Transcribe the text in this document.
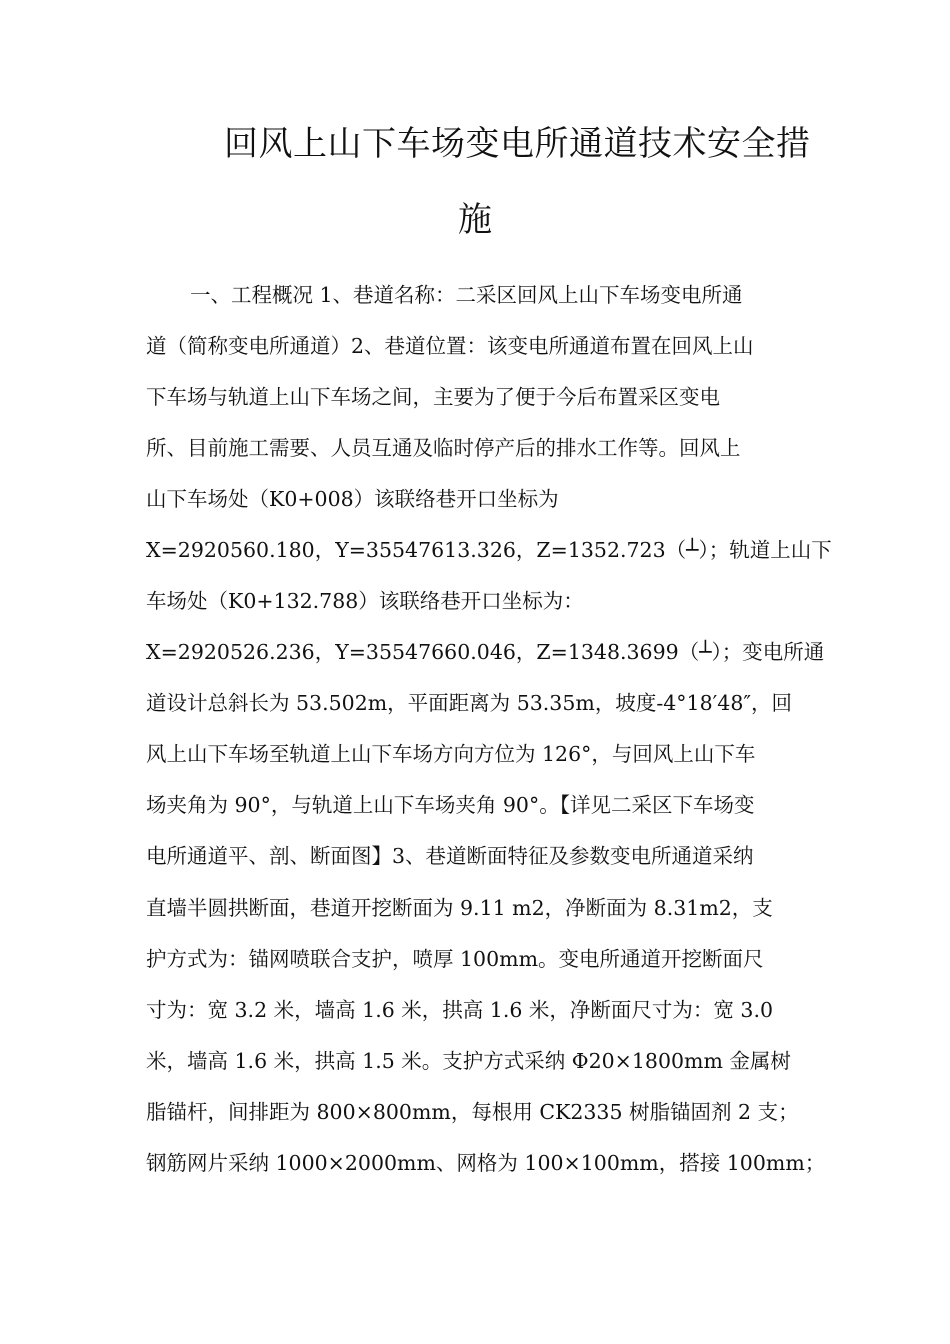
回风上山下车场变电所通道技术安全措
施
一、工程概况 1、巷道名称：二采区回风上山下车场变电所通
道（简称变电所通道）2、巷道位置：该变电所通道布置在回风上山
下车场与轨道上山下车场之间，主要为了便于今后布置采区变电
所、目前施工需要、人员互通及临时停产后的排水工作等。回风上
山下车场处（K0+008）该联络巷开口坐标为
X=2920560.180，Y=35547613.326，Z=1352.723（┴）；轨道上山下
车场处（K0+132.788）该联络巷开口坐标为：
X=2920526.236，Y=35547660.046，Z=1348.3699（┴）；变电所通
道设计总斜长为 53.502m，平面距离为 53.35m，坡度-4°18′48″，回
风上山下车场至轨道上山下车场方向方位为 126°，与回风上山下车
场夹角为 90°，与轨道上山下车场夹角 90°。【详见二采区下车场变
电所通道平、剖、断面图】3、巷道断面特征及参数变电所通道采纳
直墙半圆拱断面，巷道开挖断面为 9.11 m2，净断面为 8.31m2，支
护方式为：锚网喷联合支护，喷厚 100mm。变电所通道开挖断面尺
寸为：宽 3.2 米，墙高 1.6 米，拱高 1.6 米，净断面尺寸为：宽 3.0
米，墙高 1.6 米，拱高 1.5 米。支护方式采纳 Φ20×1800mm 金属树
脂锚杆，间排距为 800×800mm，每根用 CK2335 树脂锚固剂 2 支；
钢筋网片采纳 1000×2000mm、网格为 100×100mm，搭接 100mm；
